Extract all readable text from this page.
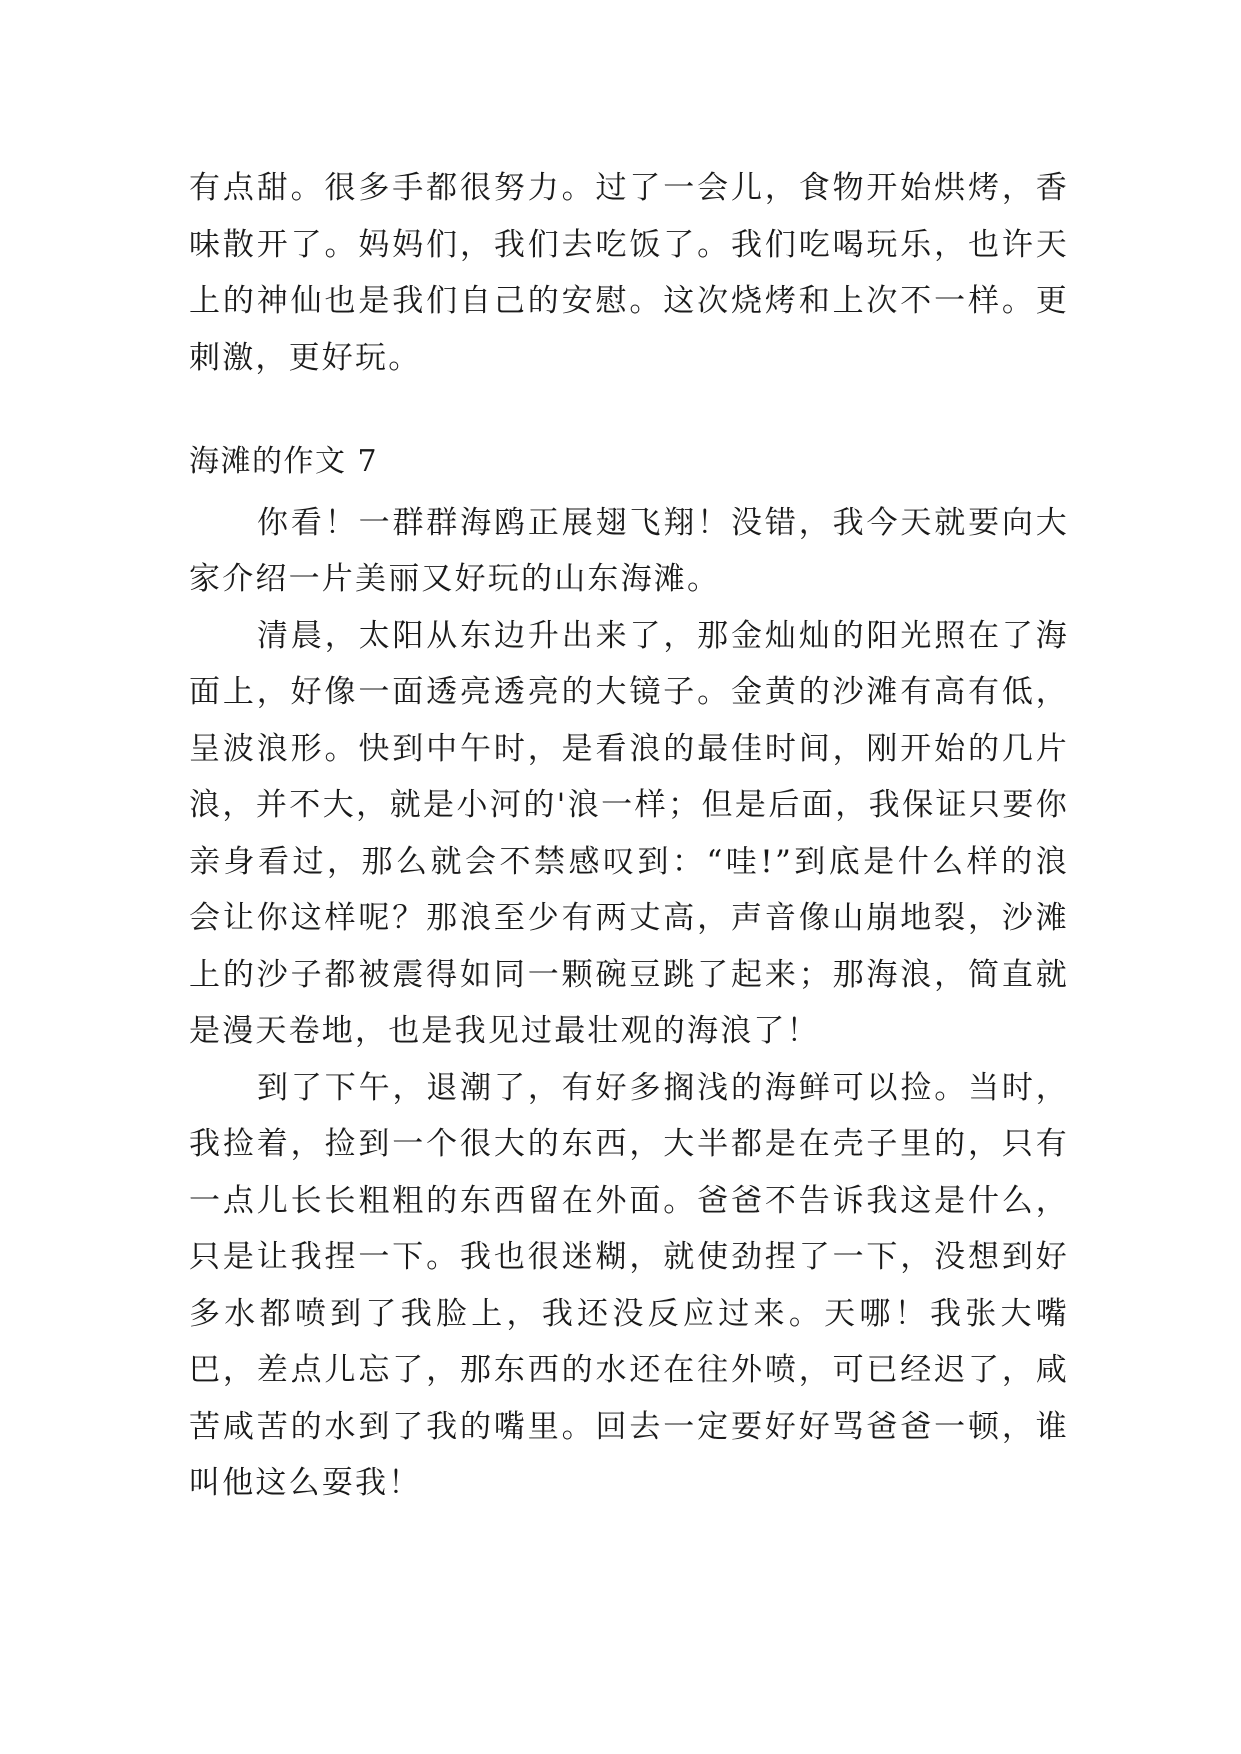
有点甜。很多手都很努力。过了一会儿，食物开始烘烤，香味散开了。妈妈们，我们去吃饭了。我们吃喝玩乐，也许天上的神仙也是我们自己的安慰。这次烧烤和上次不一样。更刺激，更好玩。

海滩的作文 7

你看！一群群海鸥正展翅飞翔！没错，我今天就要向大家介绍一片美丽又好玩的山东海滩。

清晨，太阳从东边升出来了，那金灿灿的阳光照在了海面上，好像一面透亮透亮的大镜子。金黄的沙滩有高有低，呈波浪形。快到中午时，是看浪的最佳时间，刚开始的几片浪，并不大，就是小河的'浪一样；但是后面，我保证只要你亲身看过，那么就会不禁感叹到：“哇!”到底是什么样的浪会让你这样呢？那浪至少有两丈高，声音像山崩地裂，沙滩上的沙子都被震得如同一颗碗豆跳了起来；那海浪，简直就是漫天卷地，也是我见过最壮观的海浪了！

到了下午，退潮了，有好多搁浅的海鲜可以捡。当时，我捡着，捡到一个很大的东西，大半都是在壳子里的，只有一点儿长长粗粗的东西留在外面。爸爸不告诉我这是什么，只是让我捏一下。我也很迷糊，就使劲捏了一下，没想到好多水都喷到了我脸上，我还没反应过来。天哪！我张大嘴巴，差点儿忘了，那东西的水还在往外喷，可已经迟了，咸苦咸苦的水到了我的嘴里。回去一定要好好骂爸爸一顿，谁叫他这么耍我！
